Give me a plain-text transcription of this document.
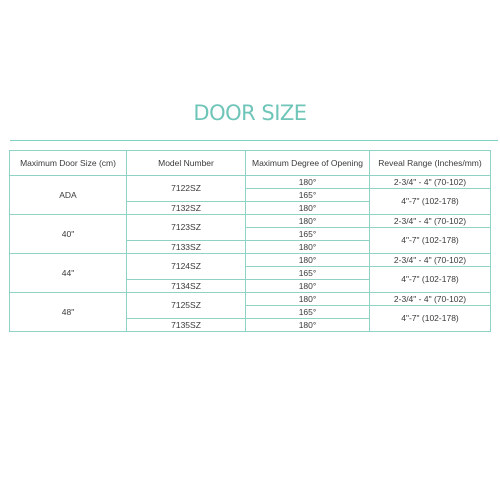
DOOR SIZE
Maximum Door Size (cm)	Model Number	Maximum Degree of Opening	Reveal Range (Inches/mm)
ADA	7122SZ	180°	2-3/4" - 4" (70-102)
		165°	4"-7" (102-178)
	7132SZ	180°	
40"	7123SZ	180°	2-3/4" - 4" (70-102)
		165°	4"-7" (102-178)
	7133SZ	180°	
44"	7124SZ	180°	2-3/4" - 4" (70-102)
		165°	4"-7" (102-178)
	7134SZ	180°	
48"	7125SZ	180°	2-3/4" - 4" (70-102)
		165°	4"-7" (102-178)
	7135SZ	180°	
